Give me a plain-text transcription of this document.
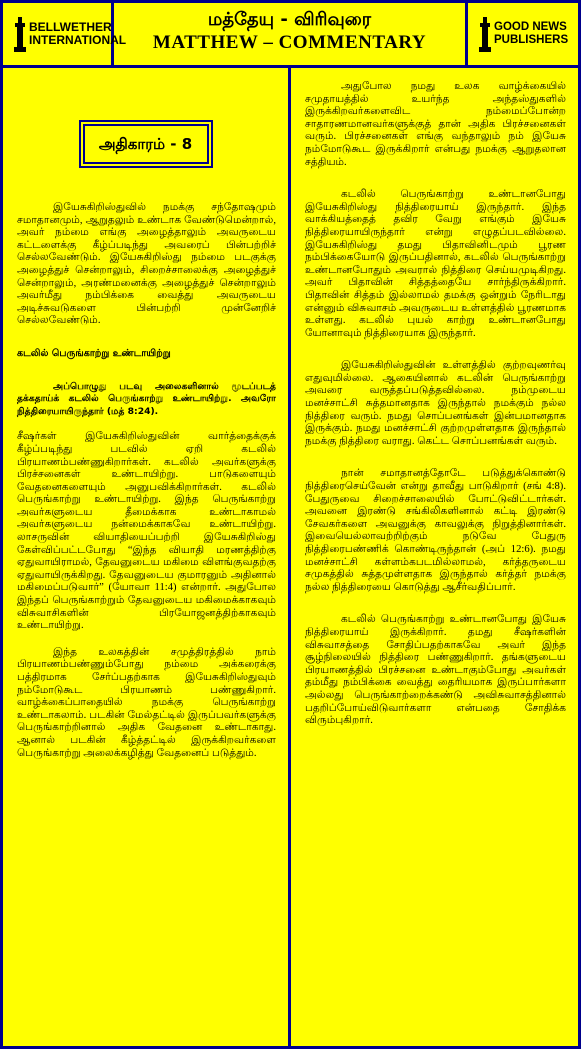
BELLWETHER
INTERNATIONAL
மத்தேயு - விரிவுரை
MATTHEW – COMMENTARY
GOOD NEWS
PUBLISHERS
அதிகாரம் - 8

இயேசுகிறிஸ்துவில் நமக்கு சந்தோஷமும் சமாதானமும், ஆறுதலும் உண்டாக வேண்டுமென்றால், அவர் நம்மை எங்கு அழைத்தாலும் அவருடைய கட்டளைக்கு கீழ்ப்படிந்து அவரைப் பின்பற்றிச் செல்லவேண்டும். இயேசுகிறிஸ்து நம்மை படகுக்கு அழைத்துச் சென்றாலும், சிறைச்சாலைக்கு அழைத்துச் சென்றாலும், அரண்மனைக்கு அழைத்துச் சென்றாலும் அவர்மீது நம்பிக்கை வைத்து அவருடைய அடிச்சுவடுகளை பின்பற்றி முன்னேறிச் செல்லவேண்டும்.

கடலில் பெருங்காற்று உண்டாயிற்று

அப்பொழுது படவு அலைகளினால் மூடப்படத் தக்கதாய்க் கடலில் பெருங்காற்று உண்டாயிற்று. அவரோ நித்திரையாயிருந்தார் (மத் 8:24).

சீஷர்கள் இயேசுகிறிஸ்துவின் வார்த்தைக்குக் கீழ்ப்படிந்து படவில் ஏறி கடலில் பிரயாணம்பண்ணுகிறார்கள். கடலில் அவர்களுக்கு பிரச்சனைகள் உண்டாயிற்று. பாடுகளையும் வேதனைகளையும் அனுபவிக்கிறார்கள். கடலில் பெருங்காற்று உண்டாயிற்று. இந்த பெருங்காற்று அவர்களுடைய தீமைக்காக உண்டாகாமல் அவர்களுடைய நன்மைக்காகவே உண்டாயிற்று. லாசருவின் வியாதியைப்பற்றி இயேசுகிறிஸ்து கேள்விப்பட்டபோது “இந்த வியாதி மரணத்திற்கு ஏதுவாயிராமல், தேவனுடைய மகிமை விளங்குவதற்கு ஏதுவாயிருக்கிறது. தேவனுடைய குமாரனும் அதினால் மகிமைப்படுவார்” (யோவா 11:4) என்றார். அதுபோல இந்தப் பெருங்காற்றும் தேவனுடைய மகிமைக்காகவும் விசுவாசிகளின் பிரயோஜனத்திற்காகவும் உண்டாயிற்று.

இந்த உலகத்தின் சமுத்திரத்தில் நாம் பிரயாணம்பண்ணும்போது நம்மை அக்கரைக்கு பத்திரமாக சேர்ப்பதற்காக இயேசுகிறிஸ்துவும் நம்மோடுகூட பிரயாணம் பண்ணுகிறார். வாழ்க்கைப்பாதையில் நமக்கு பெருங்காற்று உண்டாகலாம். படகின் மேல்தட்டில் இருப்பவர்களுக்கு பெருங்காற்றினால் அதிக வேதனை உண்டாகாது. ஆனால் படகின் கீழ்த்தட்டில் இருக்கிறவர்களை பெருங்காற்று அலைக்கழித்து வேதனைப் படுத்தும்.

அதுபோல நமது உலக வாழ்க்கையில் சமுதாயத்தில் உயர்ந்த அந்தஸ்துகளில் இருக்கிறவர்களைவிட நம்மைப்போன்ற சாதாரணமானவர்களுக்குத் தான் அதிக பிரச்சனைகள் வரும். பிரச்சனைகள் எங்கு வந்தாலும் நம் இயேசு நம்மோடுகூட இருக்கிறார் என்பது நமக்கு ஆறுதலான சத்தியம்.

கடலில் பெருங்காற்று உண்டானபோது இயேசுகிறிஸ்து நித்திரையாய் இருந்தார். இந்த வாக்கியத்தைத் தவிர வேறு எங்கும் இயேசு நித்திரையாயிருந்தார் என்று எழுதப்படவில்லை. இயேசுகிறிஸ்து தமது பிதாவினிடமும் பூரண நம்பிக்கையோடு இருப்பதினால், கடலில் பெருங்காற்று உண்டானபோதும் அவரால் நித்திரை செய்யமுடிகிறது. அவர் பிதாவின் சித்தத்தையே சார்ந்திருக்கிறார். பிதாவின் சித்தம் இல்லாமல் தமக்கு ஒன்றும் நேரிடாது என்னும் விசுவாசம் அவருடைய உள்ளத்தில் பூரணமாக உள்ளது. கடலில் புயல் காற்று உண்டானபோது யோனாவும் நித்திரையாக இருந்தார்.

இயேசுகிறிஸ்துவின் உள்ளத்தில் குற்றவுணர்வு எதுவுமில்லை. ஆகையினால் கடலின் பெருங்காற்று அவரை வருத்தப்படுத்தவில்லை. நம்முடைய மனச்சாட்சி சுத்தமானதாக இருந்தால் நமக்கும் நல்ல நித்திரை வரும். நமது சொப்பனங்கள் இன்பமானதாக இருக்கும். நமது மனச்சாட்சி குற்றமுள்ளதாக இருந்தால் நமக்கு நித்திரை வராது. கெட்ட சொப்பனங்கள் வரும்.

நான் சமாதானத்தோடே படுத்துக்கொண்டு நித்திரைசெய்வேன் என்று தாவீது பாடுகிறார் (சங் 4:8). பேதுருவை சிறைச்சாலையில் போட்டுவிட்டார்கள். அவனை இரண்டு சங்கிலிகளினால் கட்டி இரண்டு சேவகர்களை அவனுக்கு காவலுக்கு நிறுத்தினார்கள். இவையெல்லாவற்றிற்கும் நடுவே பேதுரு நித்திரைபண்ணிக் கொண்டிருந்தான் (அப் 12:6). நமது மனச்சாட்சி கள்ளம்கபடமில்லாமல், கர்த்தருடைய சமுகத்தில் சுத்தமுள்ளதாக இருந்தால் கர்த்தர் நமக்கு நல்ல நித்திரையை கொடுத்து ஆசீர்வதிப்பார்.

கடலில் பெருங்காற்று உண்டானபோது இயேசு நித்திரையாய் இருக்கிறார். தமது சீஷர்களின் விசுவாசத்தை சோதிப்பதற்காகவே அவர் இந்த சூழ்நிலையில் நித்திரை பண்ணுகிறார். தங்களுடைய பிரயாணத்தில் பிரச்சனை உண்டாகும்போது அவர்கள் தம்மீது நம்பிக்கை வைத்து தைரியமாக இருப்பார்களா அல்லது பெருங்காற்றைக்கண்டு அவிசுவாசத்தினால் பதறிப்போய்விடுவார்களா என்பதை சோதிக்க விரும்புகிறார்.
